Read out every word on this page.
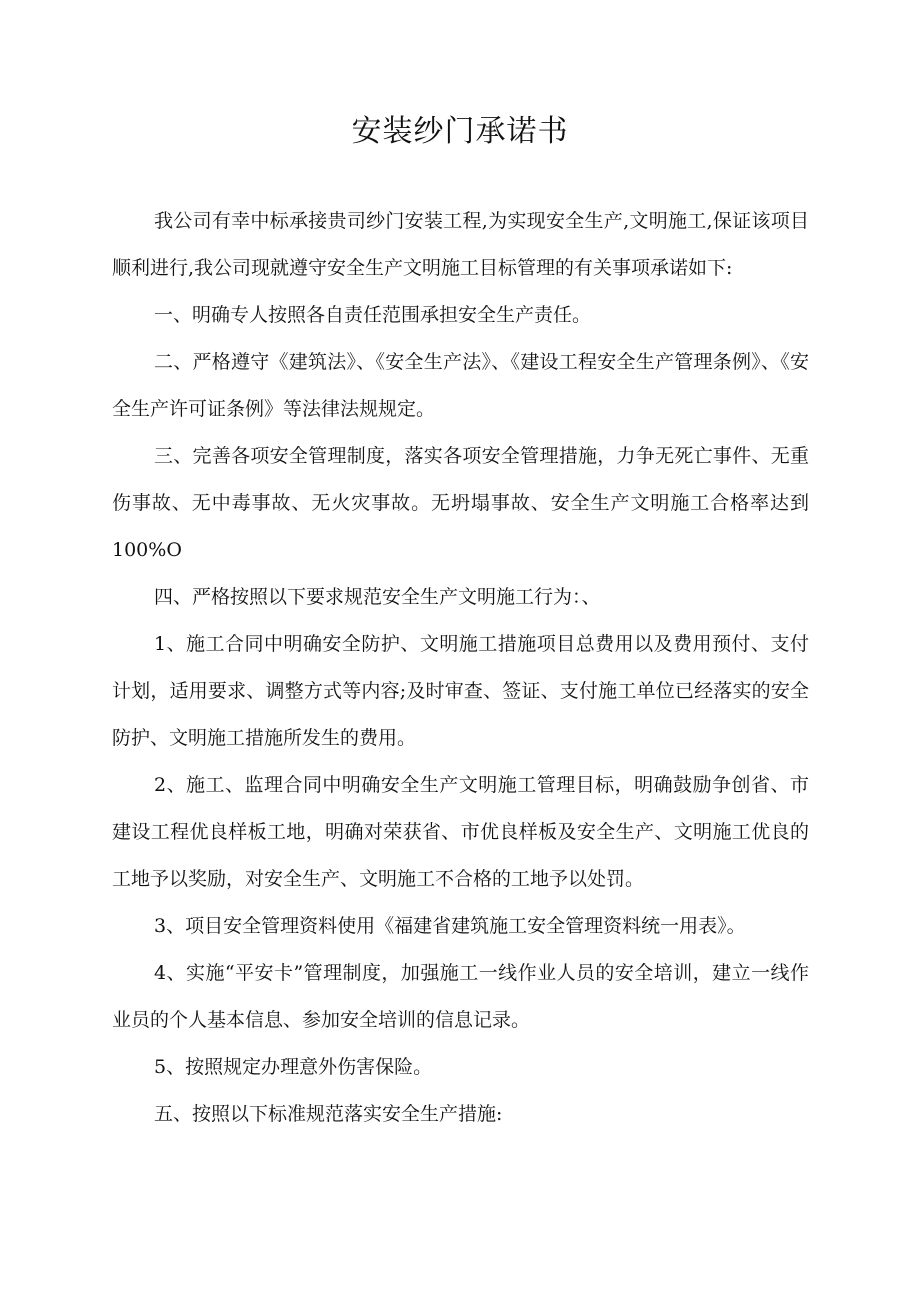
安装纱门承诺书

我公司有幸中标承接贵司纱门安装工程,为实现安全生产,文明施工,保证该项目顺利进行,我公司现就遵守安全生产文明施工目标管理的有关事项承诺如下:

一、明确专人按照各自责任范围承担安全生产责任。

二、严格遵守《建筑法》、《安全生产法》、《建设工程安全生产管理条例》、《安全生产许可证条例》等法律法规规定。

三、完善各项安全管理制度，落实各项安全管理措施，力争无死亡事件、无重伤事故、无中毒事故、无火灾事故。无坍塌事故、安全生产文明施工合格率达到100%O

四、严格按照以下要求规范安全生产文明施工行为：、

1、施工合同中明确安全防护、文明施工措施项目总费用以及费用预付、支付计划，适用要求、调整方式等内容;及时审查、签证、支付施工单位已经落实的安全防护、文明施工措施所发生的费用。

2、施工、监理合同中明确安全生产文明施工管理目标，明确鼓励争创省、市建设工程优良样板工地，明确对荣获省、市优良样板及安全生产、文明施工优良的工地予以奖励，对安全生产、文明施工不合格的工地予以处罚。

3、项目安全管理资料使用《福建省建筑施工安全管理资料统一用表》。

4、实施“平安卡”管理制度，加强施工一线作业人员的安全培训，建立一线作业员的个人基本信息、参加安全培训的信息记录。

5、按照规定办理意外伤害保险。

五、按照以下标准规范落实安全生产措施:
